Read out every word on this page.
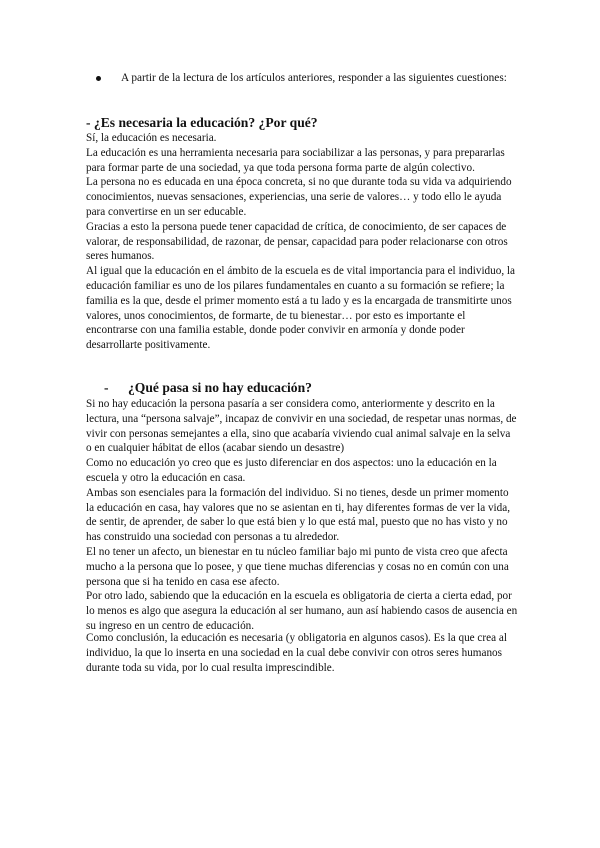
A partir de la lectura de los artículos anteriores, responder a las siguientes cuestiones:
- ¿Es necesaria la educación? ¿Por qué?

Sí, la educación es necesaria.

La educación es una herramienta necesaria para sociabilizar a las personas, y para prepararlas para formar parte de una sociedad, ya que toda persona forma parte de algún colectivo.

La persona no es educada en una época concreta, si no que durante toda su vida va adquiriendo conocimientos, nuevas sensaciones, experiencias, una serie de valores… y todo ello le ayuda para convertirse en un ser educable.

Gracias a esto la persona puede tener capacidad de crítica, de conocimiento, de ser capaces de valorar, de responsabilidad, de razonar, de pensar, capacidad para poder relacionarse con otros seres humanos.

Al igual que la educación en el ámbito de la escuela es de vital importancia para el individuo, la educación familiar es uno de los pilares fundamentales en cuanto a su formación se refiere; la familia es la que, desde el primer momento está a tu lado y es la encargada de transmitirte unos valores, unos conocimientos, de formarte, de tu bienestar… por esto es importante el encontrarse con una familia estable, donde poder convivir en armonía y donde poder desarrollarte positivamente.

- ¿Qué pasa si no hay educación?

Si no hay educación la persona pasaría a ser considera como, anteriormente y descrito en la lectura, una “persona salvaje”, incapaz de convivir en una sociedad, de respetar unas normas, de vivir con personas semejantes a ella, sino que acabaría viviendo cual animal salvaje en la selva o en cualquier hábitat de ellos (acabar siendo un desastre)

Como no educación yo creo que es justo diferenciar en dos aspectos: uno la educación en la escuela y otro la educación en casa.

Ambas son esenciales para la formación del individuo. Si no tienes, desde un primer momento la educación en casa, hay valores que no se asientan en ti, hay diferentes formas de ver la vida, de sentir, de aprender, de saber lo que está bien y lo que está mal, puesto que no has visto y no has construido una sociedad con personas a tu alrededor.

El no tener un afecto, un bienestar en tu núcleo familiar bajo mi punto de vista creo que afecta mucho a la persona que lo posee, y que tiene muchas diferencias y cosas no en común con una persona que si ha tenido en casa ese afecto.

Por otro lado, sabiendo que la educación en la escuela es obligatoria de cierta a cierta edad, por lo menos es algo que asegura la educación al ser humano, aun así habiendo casos de ausencia en su ingreso en un centro de educación.

Como conclusión, la educación es necesaria (y obligatoria en algunos casos). Es la que crea al individuo, la que lo inserta en una sociedad en la cual debe convivir con otros seres humanos durante toda su vida, por lo cual resulta imprescindible.
